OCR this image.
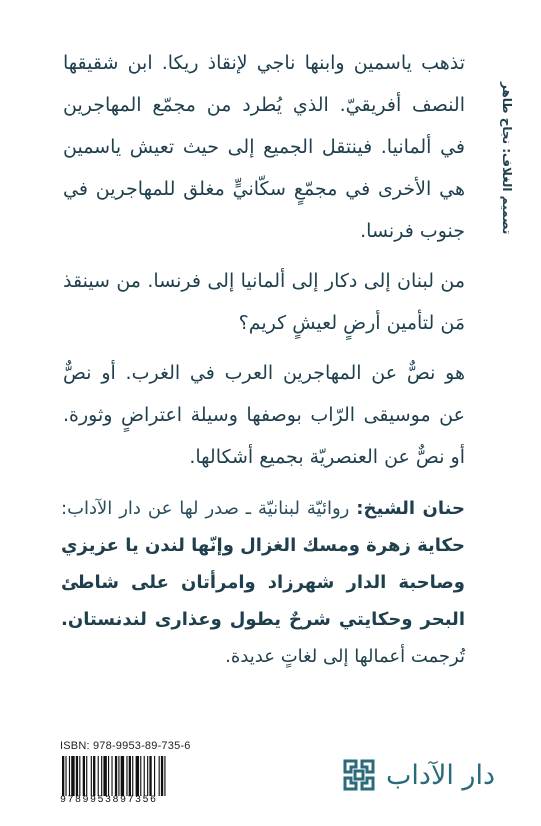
تصميم الغلاف: نجاح طاهر

تذهب ياسمين وابنها ناجي لإنقاذ ريكا. ابن شقيقها النصف أفريقيّ. الذي يُطرد من مجمّع المهاجرين في ألمانيا. فينتقل الجميع إلى حيث تعيش ياسمين هي الأخرى في مجمّعٍ سكّانيٍّ مغلق للمهاجرين في جنوب فرنسا.

من لبنان إلى دكار إلى ألمانيا إلى فرنسا. من سينقذ مَن لتأمين أرضٍ لعيشٍ كريم؟

هو نصٌّ عن المهاجرين العرب في الغرب. أو نصٌّ عن موسيقى الرّاب بوصفها وسيلة اعتراضٍ وثورة. أو نصٌّ عن العنصريّة بجميع أشكالها.

حنان الشيخ: روائيّة لبنانيّة ـ صدر لها عن دار الآداب: حكاية زهرة ومسك الغزال وإنّها لندن يا عزيزي وصاحبة الدار شهرزاد وامرأتان على شاطئ البحر وحكايتي شرحٌ يطول وعذارى لندنستان. تُرجمت أعمالها إلى لغاتٍ عديدة.
ISBN: 978-9953-89-735-6
9789953897356
دار الآداب
